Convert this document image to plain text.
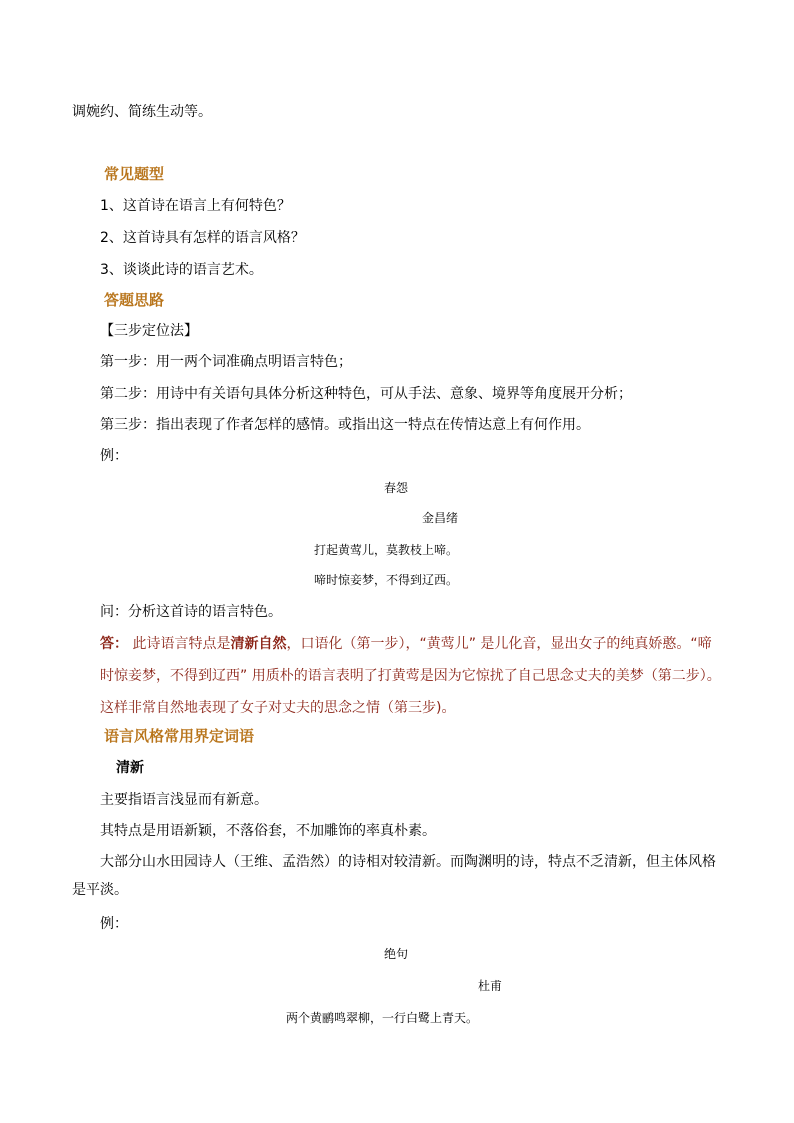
调婉约、简练生动等。
常见题型
1、这首诗在语言上有何特色？
2、这首诗具有怎样的语言风格？
3、谈谈此诗的语言艺术。
答题思路
【三步定位法】
第一步：用一两个词准确点明语言特色；
第二步：用诗中有关语句具体分析这种特色，可从手法、意象、境界等角度展开分析；
第三步：指出表现了作者怎样的感情。或指出这一特点在传情达意上有何作用。
例：
春怨
金昌绪
打起黄莺儿，莫教枝上啼。
啼时惊妾梦，不得到辽西。
问：分析这首诗的语言特色。
答： 此诗语言特点是清新自然，口语化（第一步），“黄莺儿” 是儿化音，显出女子的纯真娇憨。“啼时惊妾梦，不得到辽西” 用质朴的语言表明了打黄莺是因为它惊扰了自己思念丈夫的美梦（第二步）。 这样非常自然地表现了女子对丈夫的思念之情（第三步)。
语言风格常用界定词语
清新
主要指语言浅显而有新意。
其特点是用语新颖，不落俗套，不加雕饰的率真朴素。
大部分山水田园诗人（王维、孟浩然）的诗相对较清新。而陶渊明的诗，特点不乏清新，但主体风格是平淡。
例：
绝句
杜甫
两个黄鹂鸣翠柳，一行白鹭上青天。
